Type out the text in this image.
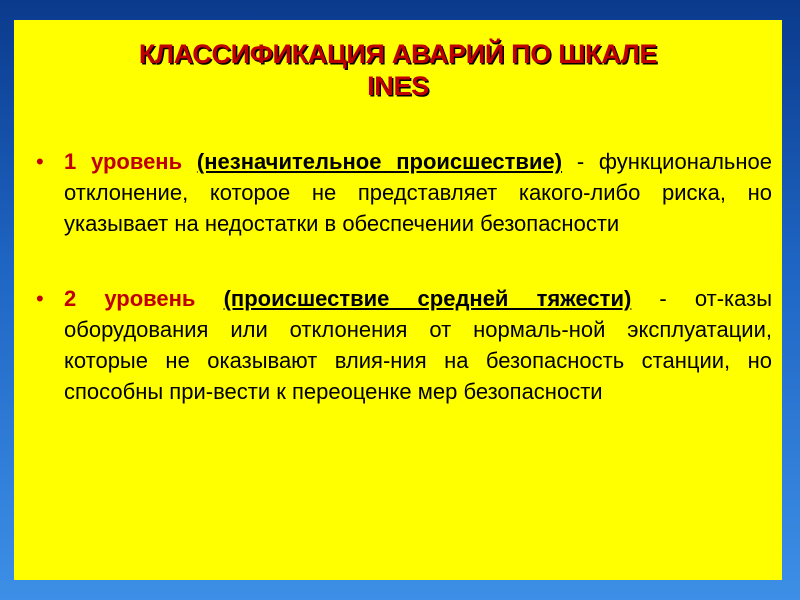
КЛАССИФИКАЦИЯ АВАРИЙ ПО ШКАЛЕ
INES
• 1 уровень (незначительное происшествие) - функциональное отклонение, которое не представляет какого-либо риска, но указывает на недостатки в обеспечении безопасности
• 2 уровень (происшествие средней тяжести) - от-казы оборудования или отклонения от нормаль-ной эксплуатации, которые не оказывают влия-ния на безопасность станции, но способны при-вести к переоценке мер безопасности
